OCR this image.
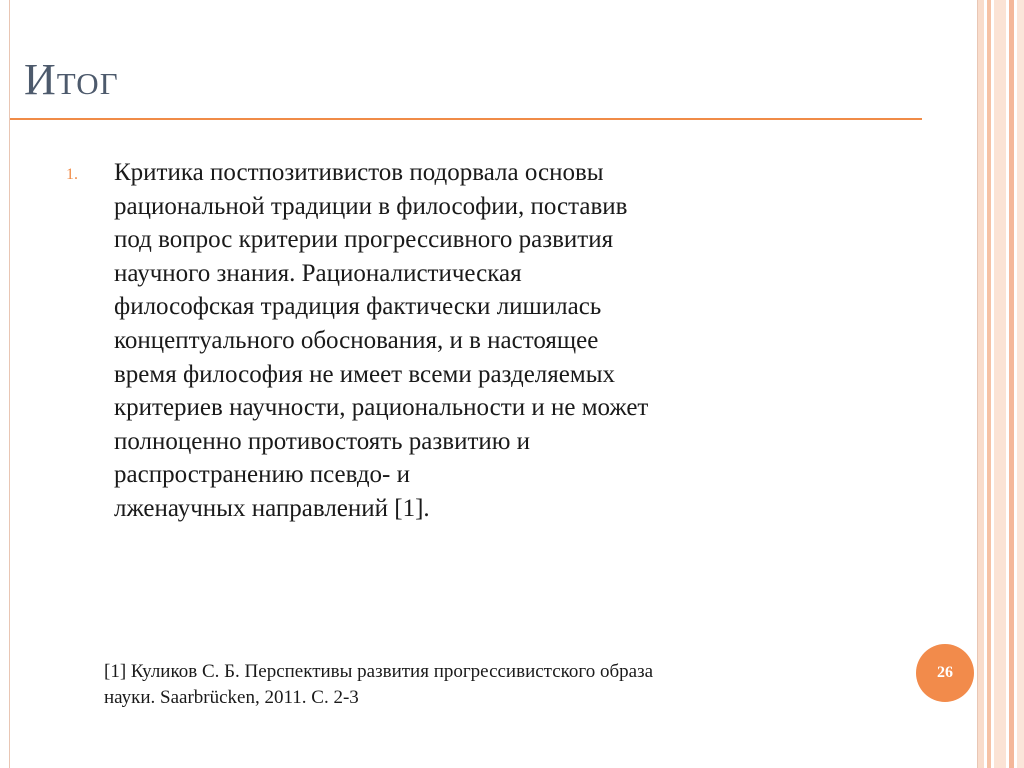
Итог
1. Критика постпозитивистов подорвала основы
рациональной традиции в философии, поставив
под вопрос критерии прогрессивного развития
научного знания. Рационалистическая
философская традиция фактически лишилась
концептуального обоснования, и в настоящее
время философия не имеет всеми разделяемых
критериев научности, рациональности и не может
полноценно противостоять развитию и
распространению псевдо- и
лженаучных направлений [1].

[1] Куликов С. Б. Перспективы развития прогрессивистского образа
науки. Saarbrücken, 2011. С. 2-3

26
